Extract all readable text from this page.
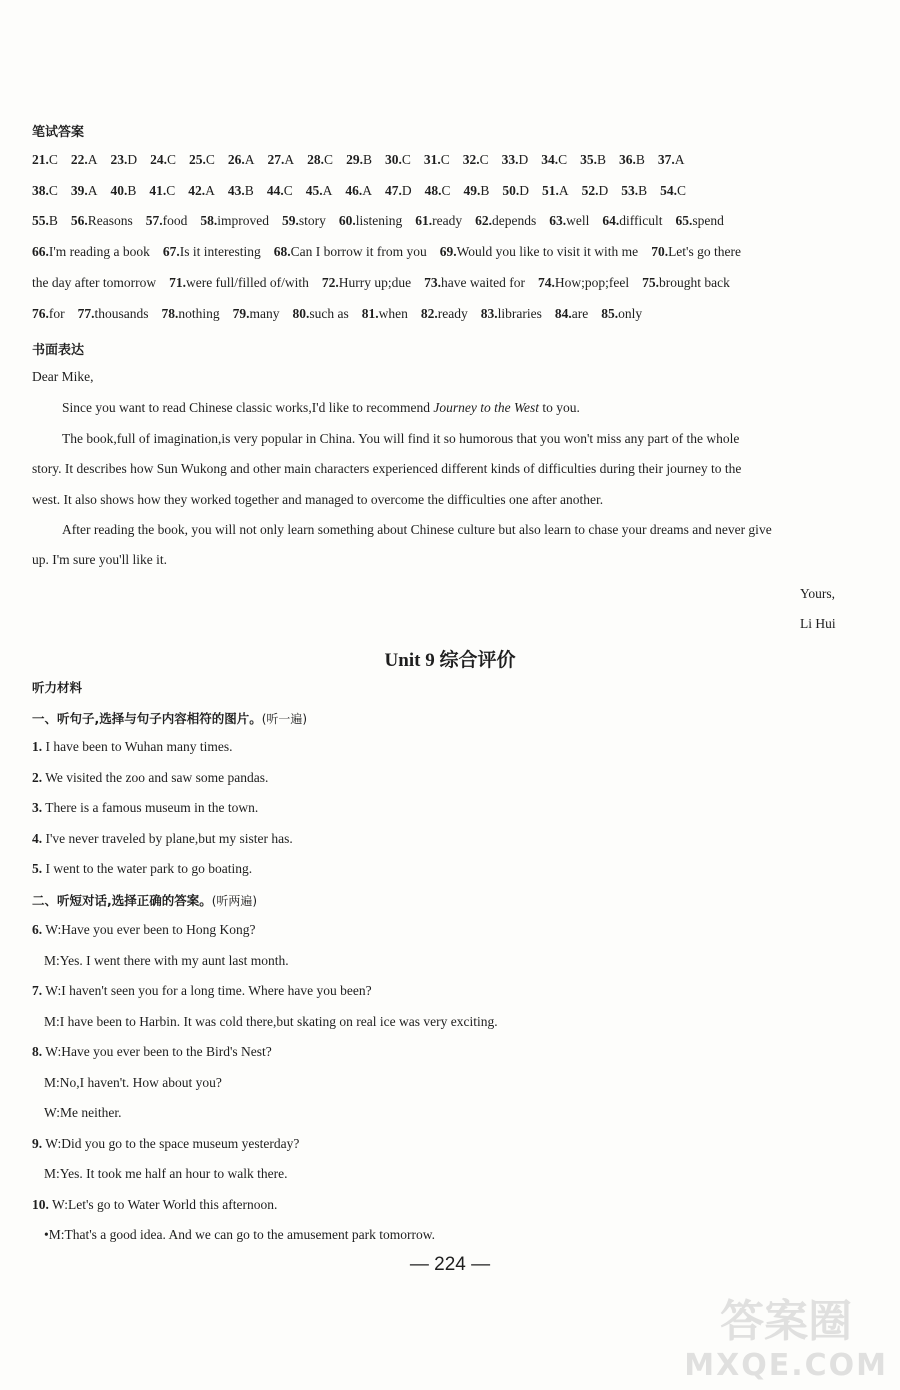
笔试答案
21.C 22.A 23.D 24.C 25.C 26.A 27.A 28.C 29.B 30.C 31.C 32.C 33.D 34.C 35.B 36.B 37.A
38.C 39.A 40.B 41.C 42.A 43.B 44.C 45.A 46.A 47.D 48.C 49.B 50.D 51.A 52.D 53.B 54.C
55.B 56.Reasons 57.food 58.improved 59.story 60.listening 61.ready 62.depends 63.well 64.difficult 65.spend
66.I'm reading a book 67.Is it interesting 68.Can I borrow it from you 69.Would you like to visit it with me 70.Let's go there
the day after tomorrow 71.were full/filled of/with 72.Hurry up;due 73.have waited for 74.How;pop;feel 75.brought back
76.for 77.thousands 78.nothing 79.many 80.such as 81.when 82.ready 83.libraries 84.are 85.only
书面表达
Dear Mike,
Since you want to read Chinese classic works,I'd like to recommend Journey to the West to you.
The book,full of imagination,is very popular in China. You will find it so humorous that you won't miss any part of the whole
story. It describes how Sun Wukong and other main characters experienced different kinds of difficulties during their journey to the
west. It also shows how they worked together and managed to overcome the difficulties one after another.
After reading the book, you will not only learn something about Chinese culture but also learn to chase your dreams and never give
up. I'm sure you'll like it.
Yours,
Li Hui
Unit 9 综合评价
听力材料
一、听句子,选择与句子内容相符的图片。(听一遍)
1. I have been to Wuhan many times.
2. We visited the zoo and saw some pandas.
3. There is a famous museum in the town.
4. I've never traveled by plane,but my sister has.
5. I went to the water park to go boating.
二、听短对话,选择正确的答案。(听两遍)
6. W:Have you ever been to Hong Kong?
M:Yes. I went there with my aunt last month.
7. W:I haven't seen you for a long time. Where have you been?
M:I have been to Harbin. It was cold there,but skating on real ice was very exciting.
8. W:Have you ever been to the Bird's Nest?
M:No,I haven't. How about you?
W:Me neither.
9. W:Did you go to the space museum yesterday?
M:Yes. It took me half an hour to walk there.
10. W:Let's go to Water World this afternoon.
•M:That's a good idea. And we can go to the amusement park tomorrow.
— 224 —
答案圈
MXQE.COM
